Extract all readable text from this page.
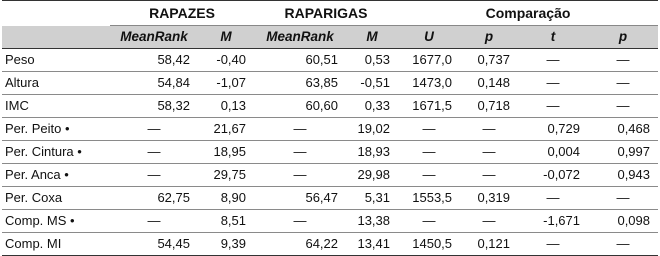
	RAPAZES		RAPARIGAS		Comparação			
	MeanRank	M	MeanRank	M	U	p	t	p
Peso	58,42	-0,40	60,51	0,53	1677,0	0,737	—	—
Altura	54,84	-1,07	63,85	-0,51	1473,0	0,148	—	—
IMC	58,32	0,13	60,60	0,33	1671,5	0,718	—	—
Per. Peito •	—	21,67	—	19,02	—	—	0,729	0,468
Per. Cintura •	—	18,95	—	18,93	—	—	0,004	0,997
Per. Anca •	—	29,75	—	29,98	—	—	-0,072	0,943
Per. Coxa	62,75	8,90	56,47	5,31	1553,5	0,319	—	—
Comp. MS •	—	8,51	—	13,38	—	—	-1,671	0,098
Comp. MI	54,45	9,39	64,22	13,41	1450,5	0,121	—	—
